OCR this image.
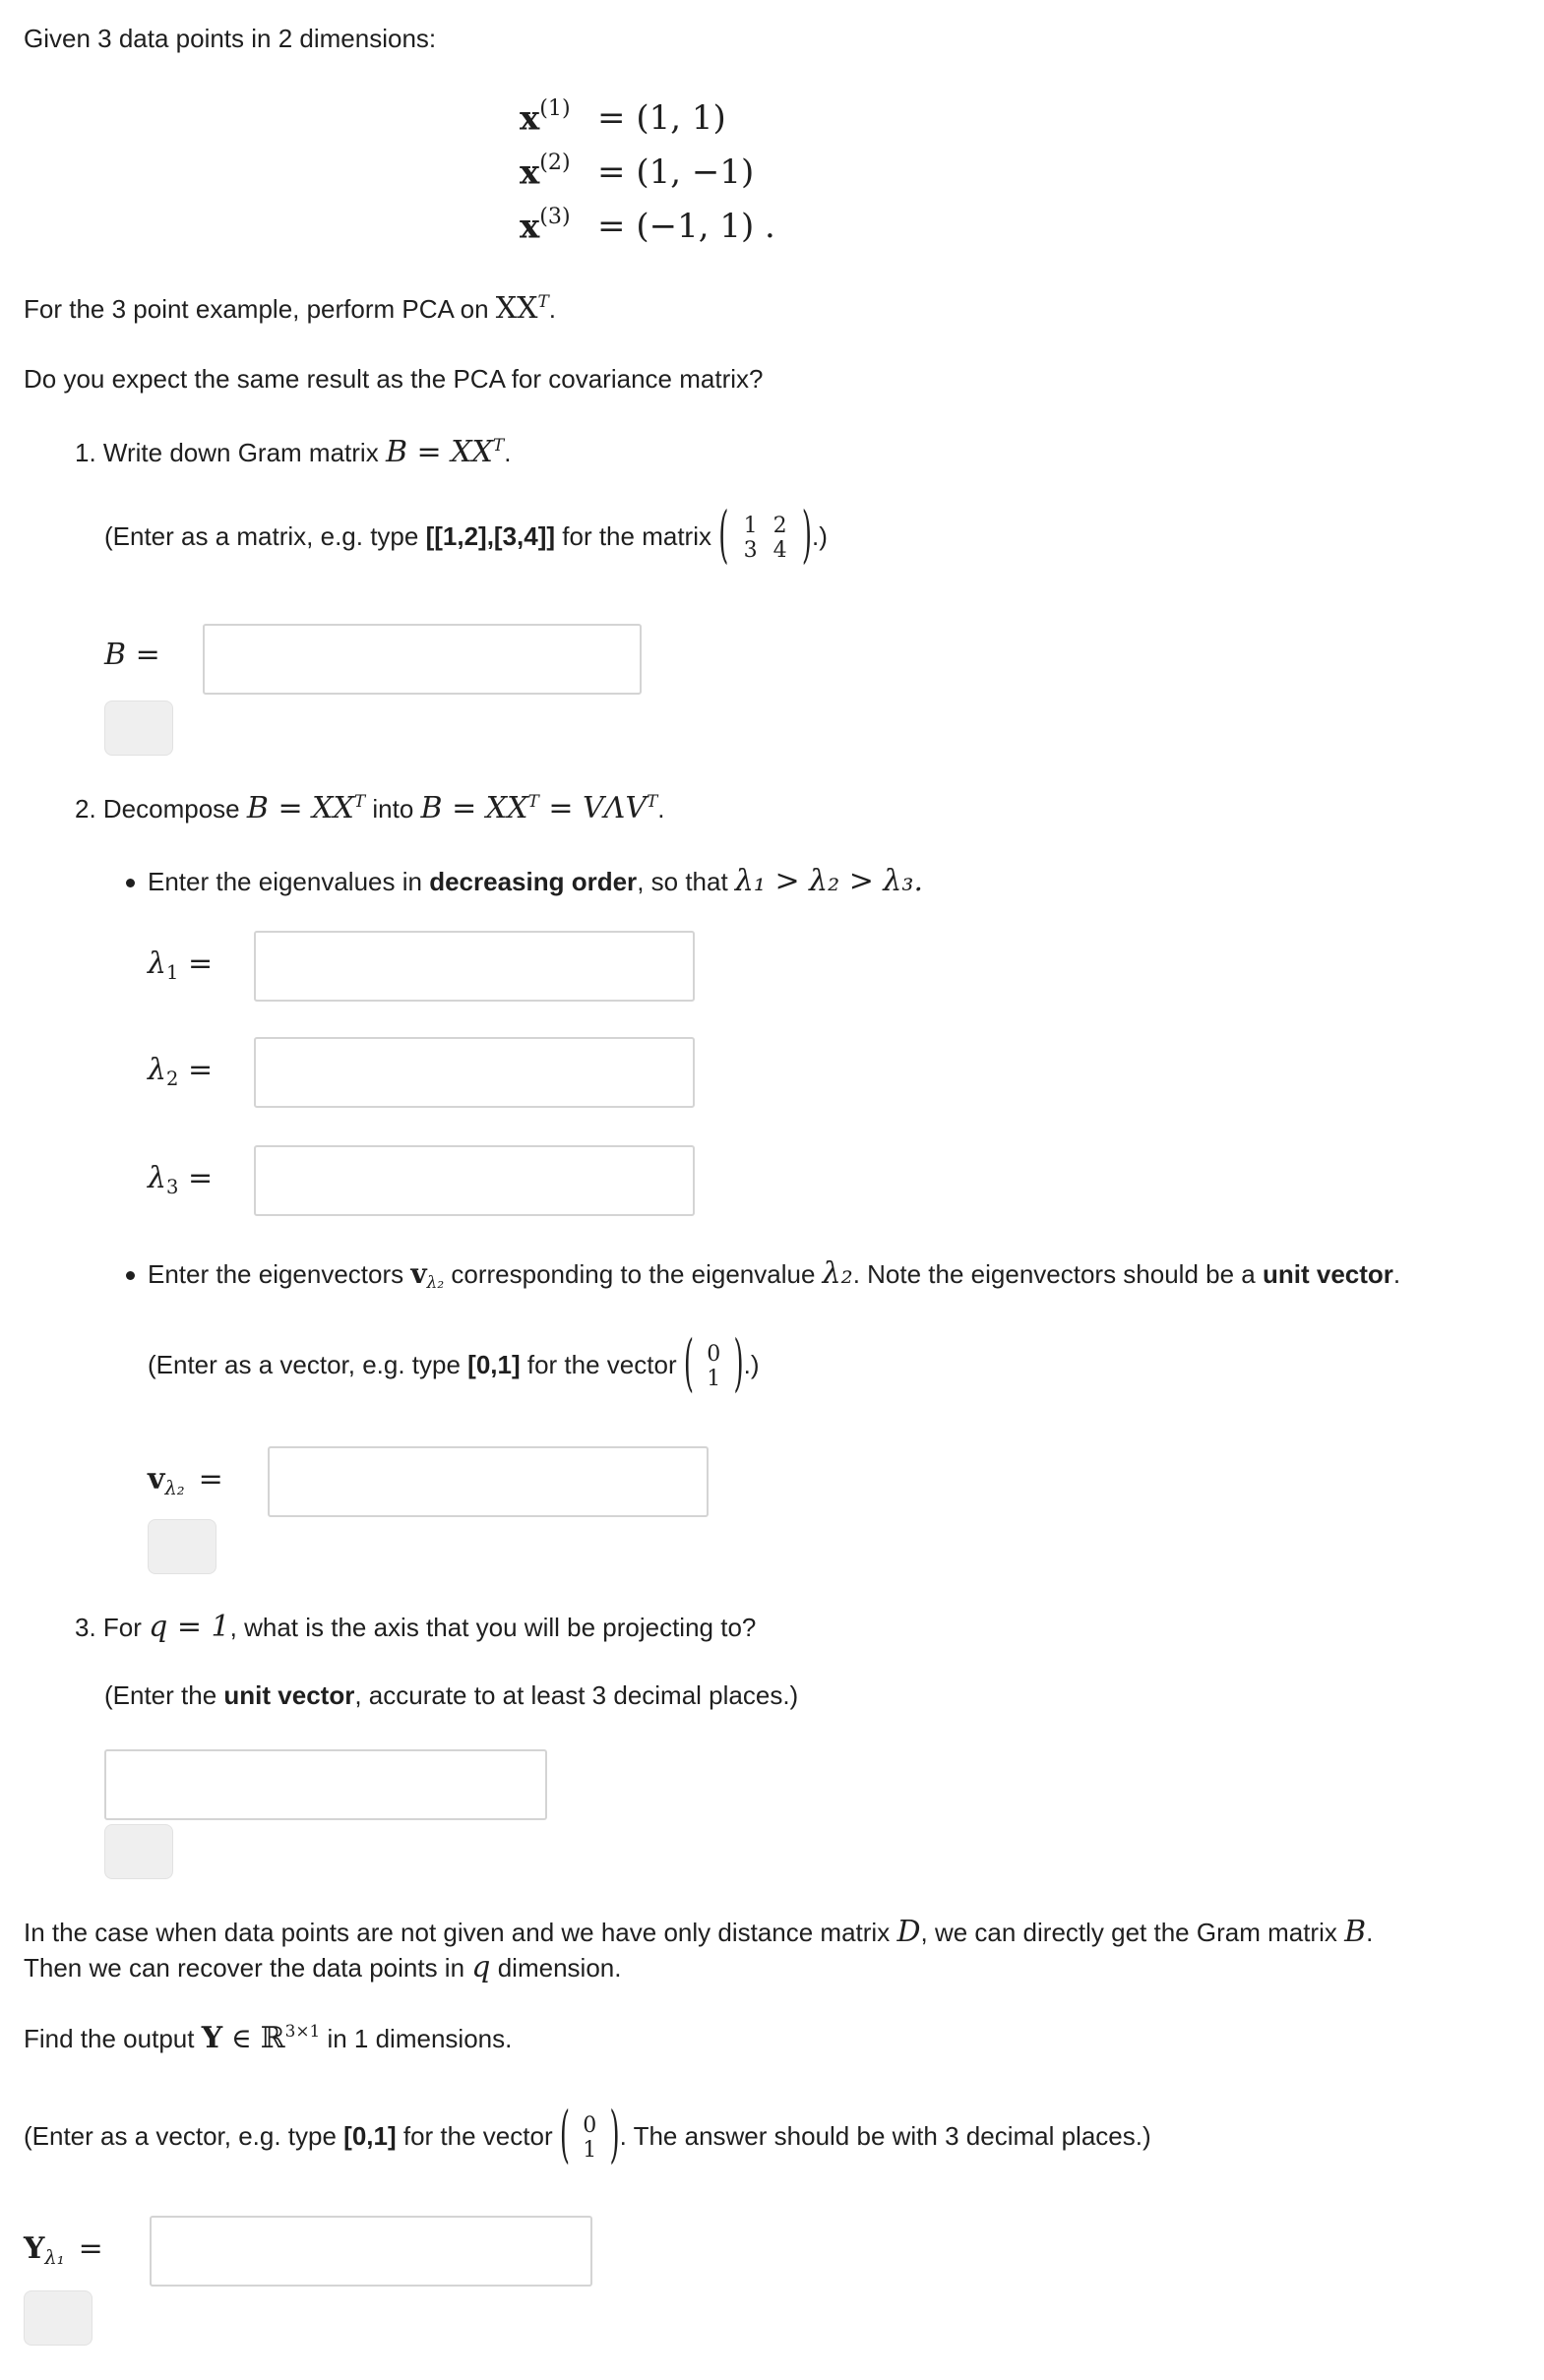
Given 3 data points in 2 dimensions:
$x^{(1)} = (1$, 1)
$x^{(2)} = (1$, −1)
$x^{(3)} = (-1$, 1) .
For the 3 point example, perform PCA on $XX^T$.
Do you expect the same result as the PCA for covariance matrix?
1. Write down Gram matrix $B = XX^T$.
(Enter as a matrix, e.g. type [[1,2],[3,4]] for the matrix ( 1 2
3 4 ).)
B =
2. Decompose $B = XX^T$ into $B = XX^T = V\Lambda V^T$.
Enter the eigenvalues in decreasing order, so that λ₁ > λ₂ > λ₃.
$\lambda_1$ =
$\lambda_2$ =
$\lambda_3$ =
Enter the eigenvectors $v_{\lambda_2}$ corresponding to the eigenvalue λ₂. Note the eigenvectors should be a unit vector.
(Enter as a vector, e.g. type [0,1] for the vector ( 0
1 ).)
$v_{\lambda_2}$ =
3. For q = 1, what is the axis that you will be projecting to?
(Enter the unit vector, accurate to at least 3 decimal places.)
In the case when data points are not given and we have only distance matrix D, we can directly get the Gram matrix B.
Then we can recover the data points in q dimension.
Find the output Y ∈ ℝ$^{3\times 1}$ in 1 dimensions.
(Enter as a vector, e.g. type [0,1] for the vector ( 0
1 ). The answer should be with 3 decimal places.)
$Y_{\lambda_1}$ =
